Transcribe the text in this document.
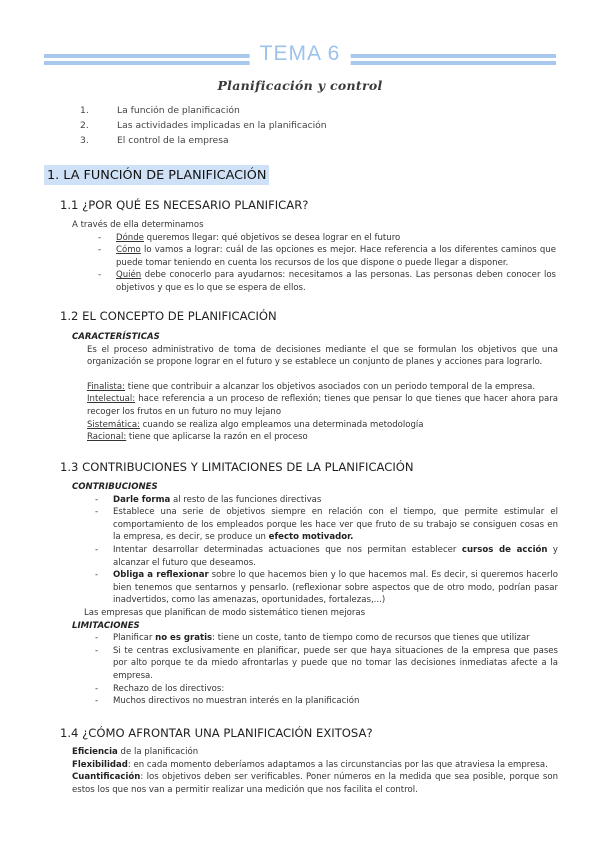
TEMA 6
Planificación y control
1.	La función de planificación
2.	Las actividades implicadas en la planificación
3.	El control de la empresa
1. LA FUNCIÓN DE PLANIFICACIÓN
1.1 ¿POR QUÉ ES NECESARIO PLANIFICAR?
A través de ella determinamos
- Dónde queremos llegar: qué objetivos se desea lograr en el futuro
- Cómo lo vamos a lograr: cuál de las opciones es mejor. Hace referencia a los diferentes caminos que puede tomar teniendo en cuenta los recursos de los que dispone o puede llegar a disponer.
- Quién debe conocerlo para ayudarnos: necesitamos a las personas. Las personas deben conocer los objetivos y que es lo que se espera de ellos.
1.2 EL CONCEPTO DE PLANIFICACIÓN
CARACTERÍSTICAS
Es el proceso administrativo de toma de decisiones mediante el que se formulan los objetivos que una organización se propone lograr en el futuro y se establece un conjunto de planes y acciones para lograrlo.
Finalista: tiene que contribuir a alcanzar los objetivos asociados con un periodo temporal de la empresa.
Intelectual: hace referencia a un proceso de reflexión; tienes que pensar lo que tienes que hacer ahora para recoger los frutos en un futuro no muy lejano
Sistemática: cuando se realiza algo empleamos una determinada metodología
Racional: tiene que aplicarse la razón en el proceso
1.3 CONTRIBUCIONES Y LIMITACIONES DE LA PLANIFICACIÓN
CONTRIBUCIONES
- Darle forma al resto de las funciones directivas
- Establece una serie de objetivos siempre en relación con el tiempo, que permite estimular el comportamiento de los empleados porque les hace ver que fruto de su trabajo se consiguen cosas en la empresa, es decir, se produce un efecto motivador.
- Intentar desarrollar determinadas actuaciones que nos permitan establecer cursos de acción y alcanzar el futuro que deseamos.
- Obliga a reflexionar sobre lo que hacemos bien y lo que hacemos mal. Es decir, si queremos hacerlo bien tenemos que sentarnos y pensarlo. (reflexionar sobre aspectos que de otro modo, podrían pasar inadvertidos, como las amenazas, oportunidades, fortalezas,...)
Las empresas que planifican de modo sistemático tienen mejoras
LIMITACIONES
- Planificar no es gratis: tiene un coste, tanto de tiempo como de recursos que tienes que utilizar
- Si te centras exclusivamente en planificar, puede ser que haya situaciones de la empresa que pases por alto porque te da miedo afrontarlas y puede que no tomar las decisiones inmediatas afecte a la empresa.
- Rechazo de los directivos:
- Muchos directivos no muestran interés en la planificación
1.4 ¿CÓMO AFRONTAR UNA PLANIFICACIÓN EXITOSA?
Eficiencia de la planificación
Flexibilidad: en cada momento deberíamos adaptamos a las circunstancias por las que atraviesa la empresa.
Cuantificación: los objetivos deben ser verificables. Poner números en la medida que sea posible, porque son estos los que nos van a permitir realizar una medición que nos facilita el control.
